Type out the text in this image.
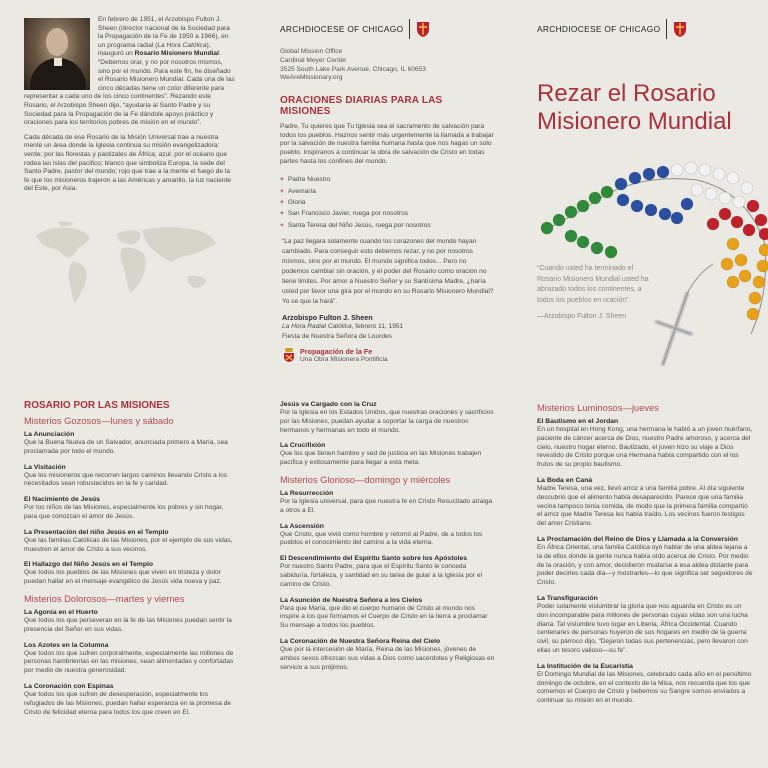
En febrero de 1951, el Arzobispo Fulton J. Sheen (director nacional de la Sociedad para la Propagación de la Fe de 1950 a 1966), en un programa radial (La Hora Católica), inauguró un Rosario Misionero Mundial. “Debemos orar, y no por nosotros mismos, sino por el mundo. Para este fin, he diseñado el Rosario Misionero Mundial. Cada una de las cinco décadas tiene un color diferente para representar a cada uno de los cinco continentes”. Rezando este Rosario, el Arzobispo Sheen dijo, “ayudaría al Santo Padre y su Sociedad para la Propagación de la Fe dándole apoyo práctico y oraciones para los territorios pobres de misión en el mundo”.

Cada década de ese Rosario de la Misión Universal trae a nuestra mente un área donde la Iglesia continua su misión evangelizadora: verde: por las florestas y pastizales de África; azul: por el océano que rodea las islas del pacifico; blanco que simboliza Europa, la sede del Santo Padre, pastor del mundo; rojo que trae a la mente el fuego de la fe que los misioneros trajeron a las Américas y amarillo, la luz naciente del Este, por Asia.

ARCHDIOCESE OF CHICAGO
Global Mission Office
Cardinal Meyer Center
3525 South Lake Park Avenue, Chicago, IL 60653
WeAreMissionary.org
ORACIONES DIARIAS PARA LAS MISIONES

Padre, Tu quieres que Tu Iglesia sea el sacramento de salvación para todos los pueblos. Haznos sentir más urgentemente la llamada a trabajar por la salvación de nuestra familia humana hasta que nos hagas un solo pueblo. Inspíranos a continuar la obra de salvación de Cristo en todas partes hasta los confines del mundo.

+ Padre Nuestro
+ Avemaría
+ Gloria
+ San Francisco Javier, ruega por nosotros
+ Santa Teresa del Niño Jesús, ruega por nosotros

“La paz llegara solamente cuando los corazones del mundo hayan cambiado. Para conseguir esto debemos rezar, y no por nosotros mismos, sino por el mundo. El mundo significa todos... Pero no podemos cambiar sin oración, y el poder del Rosario como oración no tiene limites. Por amor a Nuestro Señor y su Santísima Madre, ¿haría usted por favor una gira por el mundo en su Rosario Misionero Mundial? Yo se que la hará”.

Arzobispo Fulton J. Sheen
La Hora Radial Católica, febrero 11, 1951
Fiesta de Nuestra Señora de Lourdes
Propagación de la Fe
Una Obra Misionera Pontificia
ARCHDIOCESE OF CHICAGO
Rezar el Rosario
Misionero Mundial
“Cuando usted ha terminado el Rosario Misionero Mundial usted ha abrazado todos los continentes, a todos los pueblos en oración”.
—Arzobispo Fulton J. Sheen
ROSARIO POR LAS MISIONES
Misterios Gozosos—lunes y sábado
La Anunciación
Que la Buena Nueva de un Salvador, anunciada primero a María, sea proclamada por todo el mundo.
La Visitación
Que los misioneros que recorren largos caminos llevando Cristo a los necesitados sean robustecidos en la fe y caridad.
El Nacimiento de Jesús
Por los niños de las Misiones, especialmente los pobres y sin hogar, para que conozcan el amor de Jesús.
La Presentación del niño Jesús en el Templo
Que las familias Católicas de las Misiones, por el ejemplo de sus vidas, muestren el amor de Cristo a sus vecinos.
El Hallazgo del Niño Jesús en el Templo
Que todos los pueblos de las Misiones que viven en tristeza y dolor puedan hallar en el mensaje evangélico de Jesús vida nueva y paz.
Misterios Dolorosos—martes y viernes
La Agonía en el Huerto
Que todos los que perseveran en la fe de las Misiones puedan sentir la presencia del Señor en sus vidas.
Los Azotes en la Columna
Que todos los que sufren corporalmente, especialmente las millones de personas hambrientas en las misiones, sean alimentadas y confortadas por medio de nuestra generosidad.
La Coronación con Espinas
Que todos los que sufren de desesperación, especialmente los refugiados de las Misiones, puedan hallar esperanza en la promesa de Cristo de felicidad eterna para todos los que creen en El.
Jesús va Cargado con la Cruz
Por la Iglesia en los Estados Unidos, que nuestras oraciones y sacrificios por las Misiones, puedan ayudar a soportar la carga de nuestros hermanos y hermanas en todo el mundo.
La Crucifixión
Que los que tienen hambre y sed de justicia en las Misiones trabajen pacífica y exitosamente para llegar a esta meta.
Misterios Glorioso—domingo y miércoles
La Resurrección
Por la Iglesia universal, para que nuestra fe en Cristo Resucitado atraiga a otros a El.
La Ascensión
Que Cristo, que vivió como hombre y retornó al Padre, de a todos los pueblos el conocimiento del camino a la vida eterna.
El Descendimiento del Espíritu Santo sobre los Apóstoles
Por nuestro Santo Padre, para que el Espíritu Santo le conceda sabiduría, fortaleza, y santidad en su tarea de guiar a la Iglesia por el camino de Cristo.
La Asunción de Nuestra Señora a los Cielos
Para que María, que dio el cuerpo humano de Cristo al mundo nos inspire a los que formamos el Cuerpo de Cristo en la tierra a proclamar Su mensaje a todos los pueblos.
La Coronación de Nuestra Señora Reina del Cielo
Que por la intercesión de María, Reina de las Misiones, jóvenes de ambos sexos ofrezcan sus vidas a Dios como sacerdotes y Religiosas en servicio a sus prójimos.
Misterios Luminosos—jueves
El Bautismo en el Jordan
En un hospital en Hong Kong, una hermana le habló a un joven huérfano, paciente de cáncer acerca de Dios, nuestro Padre amoroso, y acerca del cielo, nuestro hogar eterno. Bautizado, el joven hizo su viaje a Dios revestido de Cristo porque una Hermana había compartido con el los frutos de su propio bautismo.
La Boda en Caná
Madre Teresa, una vez, llevó arroz a una familia pobre. Al día siguiente descubrió que el alimento había desaparecido. Parece que una familia vecina tampoco tenía comida, de modo que la primera familia compartió el arroz que Madre Teresa les había traído. Los vecinos fueron testigos del amor Cristiano.
La Proclamación del Reino de Dios y Llamada a la Conversión
En África Oriental, una familia Católica oyó hablar de una aldea lejana a la de ellos donde la gente nunca había oído acerca de Cristo. Por medio de la oración, y con amor, decidieron mudarse a esa aldea distante para poder decirles cada día—y mostrarles—lo que significa ser seguidores de Cristo.
La Transfiguración
Poder solamente vislumbrar la gloria que nos aguarda en Cristo es un don incomparable para millones de personas cuyas vidas son una lucha diaria. Tal vislumbre tuvo lugar en Liberia, África Occidental. Cuando centenares de personas huyeron de sus hogares en medio de la guerra civil, su párroco dijo, “Dejaron todas sus pertenencias, pero llevaron con ellas un tesoro valioso—su fe”.
La Institución de la Eucaristía
El Domingo Mundial de las Misiones, celebrado cada año en el penúltimo domingo de octubre, en el contexto de la Misa, nos recuerda que los que comemos el Cuerpo de Cristo y bebemos su Sangre somos enviados a continuar su misión en el mundo.
